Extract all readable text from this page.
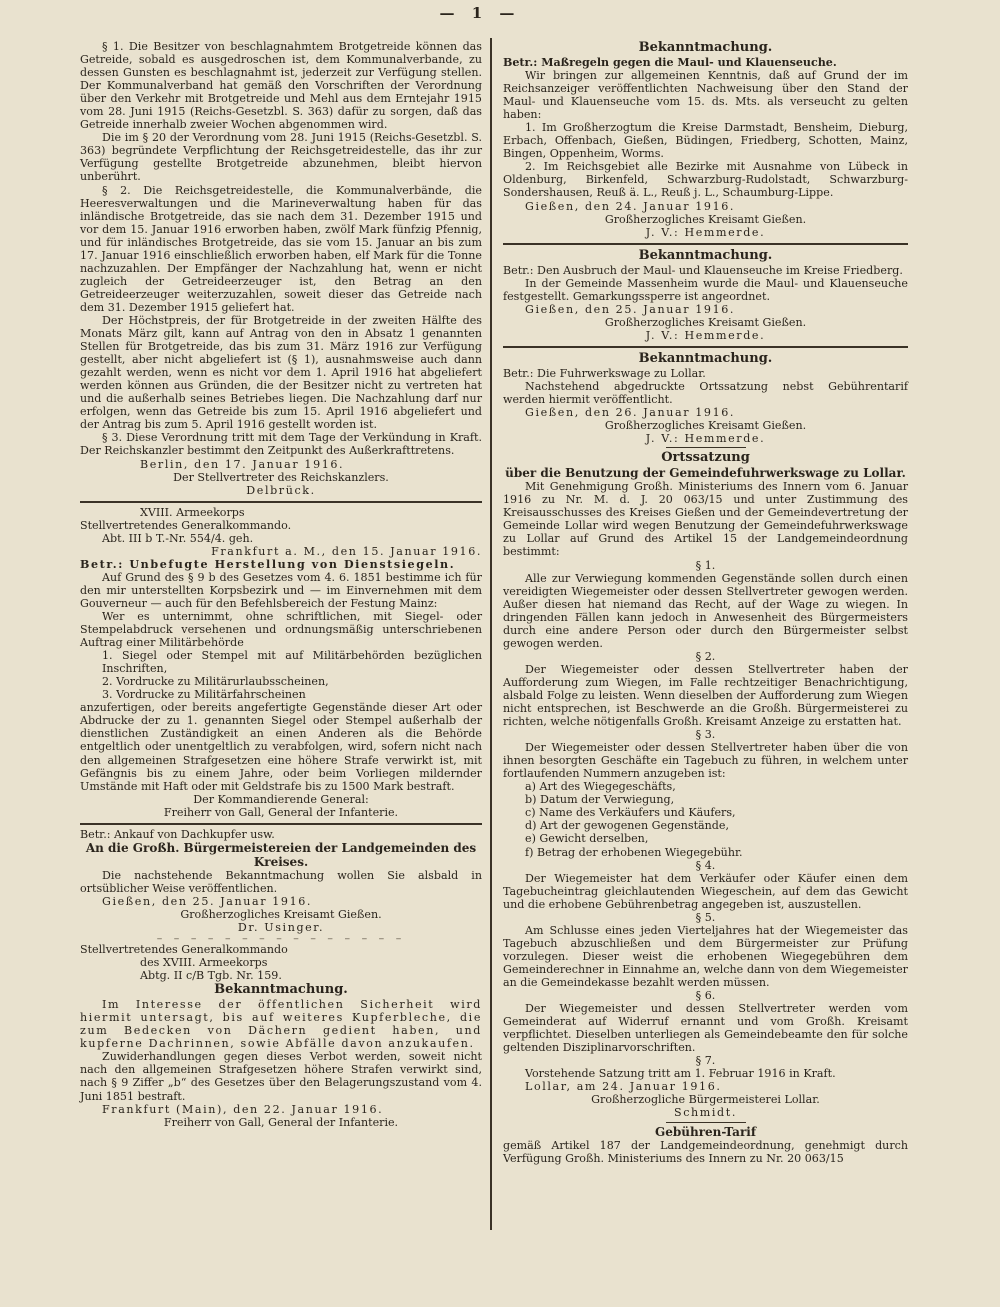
— 1 —

§ 1. Die Besitzer von beschlagnahmtem Brotgetreide können das Getreide, sobald es ausgedroschen ist, dem Kommunalverbande, zu dessen Gunsten es beschlagnahmt ist, jederzeit zur Verfügung stellen. Der Kommunalverband hat gemäß den Vorschriften der Verordnung über den Verkehr mit Brotgetreide und Mehl aus dem Erntejahr 1915 vom 28. Juni 1915 (Reichs-Gesetzbl. S. 363) dafür zu sorgen, daß das Getreide innerhalb zweier Wochen abgenommen wird.

Die im § 20 der Verordnung vom 28. Juni 1915 (Reichs-Gesetzbl. S. 363) begründete Verpflichtung der Reichsgetreidestelle, das ihr zur Verfügung gestellte Brotgetreide abzunehmen, bleibt hiervon unberührt.

§ 2. Die Reichsgetreidestelle, die Kommunalverbände, die Heeresverwaltungen und die Marineverwaltung haben für das inländische Brotgetreide, das sie nach dem 31. Dezember 1915 und vor dem 15. Januar 1916 erworben haben, zwölf Mark fünfzig Pfennig, und für inländisches Brotgetreide, das sie vom 15. Januar an bis zum 17. Januar 1916 einschließlich erworben haben, elf Mark für die Tonne nachzuzahlen. Der Empfänger der Nachzahlung hat, wenn er nicht zugleich der Getreideerzeuger ist, den Betrag an den Getreideerzeuger weiterzuzahlen, soweit dieser das Getreide nach dem 31. Dezember 1915 geliefert hat.

Der Höchstpreis, der für Brotgetreide in der zweiten Hälfte des Monats März gilt, kann auf Antrag von den in Absatz 1 genannten Stellen für Brotgetreide, das bis zum 31. März 1916 zur Verfügung gestellt, aber nicht abgeliefert ist (§ 1), ausnahmsweise auch dann gezahlt werden, wenn es nicht vor dem 1. April 1916 hat abgeliefert werden können aus Gründen, die der Besitzer nicht zu vertreten hat und die außerhalb seines Betriebes liegen. Die Nachzahlung darf nur erfolgen, wenn das Getreide bis zum 15. April 1916 abgeliefert und der Antrag bis zum 5. April 1916 gestellt worden ist.

§ 3. Diese Verordnung tritt mit dem Tage der Verkündung in Kraft. Der Reichskanzler bestimmt den Zeitpunkt des Außerkrafttretens.

Berlin, den 17. Januar 1916.

Der Stellvertreter des Reichskanzlers.

Delbrück.

XVIII. Armeekorps

Stellvertretendes Generalkommando.

Abt. III b T.-Nr. 554/4. geh.

Frankfurt a. M., den 15. Januar 1916.

Betr.: Unbefugte Herstellung von Dienstsiegeln.

Auf Grund des § 9 b des Gesetzes vom 4. 6. 1851 bestimme ich für den mir unterstellten Korpsbezirk und — im Einvernehmen mit dem Gouverneur — auch für den Befehlsbereich der Festung Mainz:

Wer es unternimmt, ohne schriftlichen, mit Siegel- oder Stempelabdruck versehenen und ordnungsmäßig unterschriebenen Auftrag einer Militärbehörde

1. Siegel oder Stempel mit auf Militärbehörden bezüglichen Inschriften,

2. Vordrucke zu Militärurlaubsscheinen,

3. Vordrucke zu Militärfahrscheinen

anzufertigen, oder bereits angefertigte Gegenstände dieser Art oder Abdrucke der zu 1. genannten Siegel oder Stempel außerhalb der dienstlichen Zuständigkeit an einen Anderen als die Behörde entgeltlich oder unentgeltlich zu verabfolgen, wird, sofern nicht nach den allgemeinen Strafgesetzen eine höhere Strafe verwirkt ist, mit Gefängnis bis zu einem Jahre, oder beim Vorliegen mildernder Umstände mit Haft oder mit Geldstrafe bis zu 1500 Mark bestraft.

Der Kommandierende General:

Freiherr von Gall, General der Infanterie.

Betr.: Ankauf von Dachkupfer usw.

An die Großh. Bürgermeistereien der Landgemeinden des Kreises.

Die nachstehende Bekanntmachung wollen Sie alsbald in ortsüblicher Weise veröffentlichen.

Gießen, den 25. Januar 1916.

Großherzogliches Kreisamt Gießen.

Dr. Usinger.

– – – – – – – – – – – – – – –

Stellvertretendes Generalkommando

des XVIII. Armeekorps

Abtg. II c/B Tgb. Nr. 159.

Bekanntmachung.

Im Interesse der öffentlichen Sicherheit wird hiermit untersagt, bis auf weiteres Kupferbleche, die zum Bedecken von Dächern gedient haben, und kupferne Dachrinnen, sowie Abfälle davon anzukaufen.

Zuwiderhandlungen gegen dieses Verbot werden, soweit nicht nach den allgemeinen Strafgesetzen höhere Strafen verwirkt sind, nach § 9 Ziffer „b“ des Gesetzes über den Belagerungszustand vom 4. Juni 1851 bestraft.

Frankfurt (Main), den 22. Januar 1916.

Freiherr von Gall, General der Infanterie.

Bekanntmachung.

Betr.: Maßregeln gegen die Maul- und Klauenseuche.

Wir bringen zur allgemeinen Kenntnis, daß auf Grund der im Reichsanzeiger veröffentlichten Nachweisung über den Stand der Maul- und Klauenseuche vom 15. ds. Mts. als verseucht zu gelten haben:

1. Im Großherzogtum die Kreise Darmstadt, Bensheim, Dieburg, Erbach, Offenbach, Gießen, Büdingen, Friedberg, Schotten, Mainz, Bingen, Oppenheim, Worms.

2. Im Reichsgebiet alle Bezirke mit Ausnahme von Lübeck in Oldenburg, Birkenfeld, Schwarzburg-Rudolstadt, Schwarzburg-Sondershausen, Reuß ä. L., Reuß j. L., Schaumburg-Lippe.

Gießen, den 24. Januar 1916.

Großherzogliches Kreisamt Gießen.

J. V.: Hemmerde.

Bekanntmachung.

Betr.: Den Ausbruch der Maul- und Klauenseuche im Kreise Friedberg.

In der Gemeinde Massenheim wurde die Maul- und Klauenseuche festgestellt. Gemarkungssperre ist angeordnet.

Gießen, den 25. Januar 1916.

Großherzogliches Kreisamt Gießen.

J. V.: Hemmerde.

Bekanntmachung.

Betr.: Die Fuhrwerkswage zu Lollar.

Nachstehend abgedruckte Ortssatzung nebst Gebührentarif werden hiermit veröffentlicht.

Gießen, den 26. Januar 1916.

Großherzogliches Kreisamt Gießen.

J. V.: Hemmerde.

Ortssatzung

über die Benutzung der Gemeindefuhrwerkswage zu Lollar.

Mit Genehmigung Großh. Ministeriums des Innern vom 6. Januar 1916 zu Nr. M. d. J. 20 063/15 und unter Zustimmung des Kreisausschusses des Kreises Gießen und der Gemeindevertretung der Gemeinde Lollar wird wegen Benutzung der Gemeindefuhrwerkswage zu Lollar auf Grund des Artikel 15 der Landgemeindeordnung bestimmt:

§ 1.

Alle zur Verwiegung kommenden Gegenstände sollen durch einen vereidigten Wiegemeister oder dessen Stellvertreter gewogen werden. Außer diesen hat niemand das Recht, auf der Wage zu wiegen. In dringenden Fällen kann jedoch in Anwesenheit des Bürgermeisters durch eine andere Person oder durch den Bürgermeister selbst gewogen werden.

§ 2.

Der Wiegemeister oder dessen Stellvertreter haben der Aufforderung zum Wiegen, im Falle rechtzeitiger Benachrichtigung, alsbald Folge zu leisten. Wenn dieselben der Aufforderung zum Wiegen nicht entsprechen, ist Beschwerde an die Großh. Bürgermeisterei zu richten, welche nötigenfalls Großh. Kreisamt Anzeige zu erstatten hat.

§ 3.

Der Wiegemeister oder dessen Stellvertreter haben über die von ihnen besorgten Geschäfte ein Tagebuch zu führen, in welchem unter fortlaufenden Nummern anzugeben ist:

a) Art des Wiegegeschäfts,

b) Datum der Verwiegung,

c) Name des Verkäufers und Käufers,

d) Art der gewogenen Gegenstände,

e) Gewicht derselben,

f) Betrag der erhobenen Wiegegebühr.

§ 4.

Der Wiegemeister hat dem Verkäufer oder Käufer einen dem Tagebucheintrag gleichlautenden Wiegeschein, auf dem das Gewicht und die erhobene Gebührenbetrag angegeben ist, auszustellen.

§ 5.

Am Schlusse eines jeden Vierteljahres hat der Wiegemeister das Tagebuch abzuschließen und dem Bürgermeister zur Prüfung vorzulegen. Dieser weist die erhobenen Wiegegebühren dem Gemeinderechner in Einnahme an, welche dann von dem Wiegemeister an die Gemeindekasse bezahlt werden müssen.

§ 6.

Der Wiegemeister und dessen Stellvertreter werden vom Gemeinderat auf Widerruf ernannt und vom Großh. Kreisamt verpflichtet. Dieselben unterliegen als Gemeindebeamte den für solche geltenden Disziplinarvorschriften.

§ 7.

Vorstehende Satzung tritt am 1. Februar 1916 in Kraft.

Lollar, am 24. Januar 1916.

Großherzogliche Bürgermeisterei Lollar.

Schmidt.

Gebühren-Tarif

gemäß Artikel 187 der Landgemeindeordnung, genehmigt durch Verfügung Großh. Ministeriums des Innern zu Nr. 20 063/15
